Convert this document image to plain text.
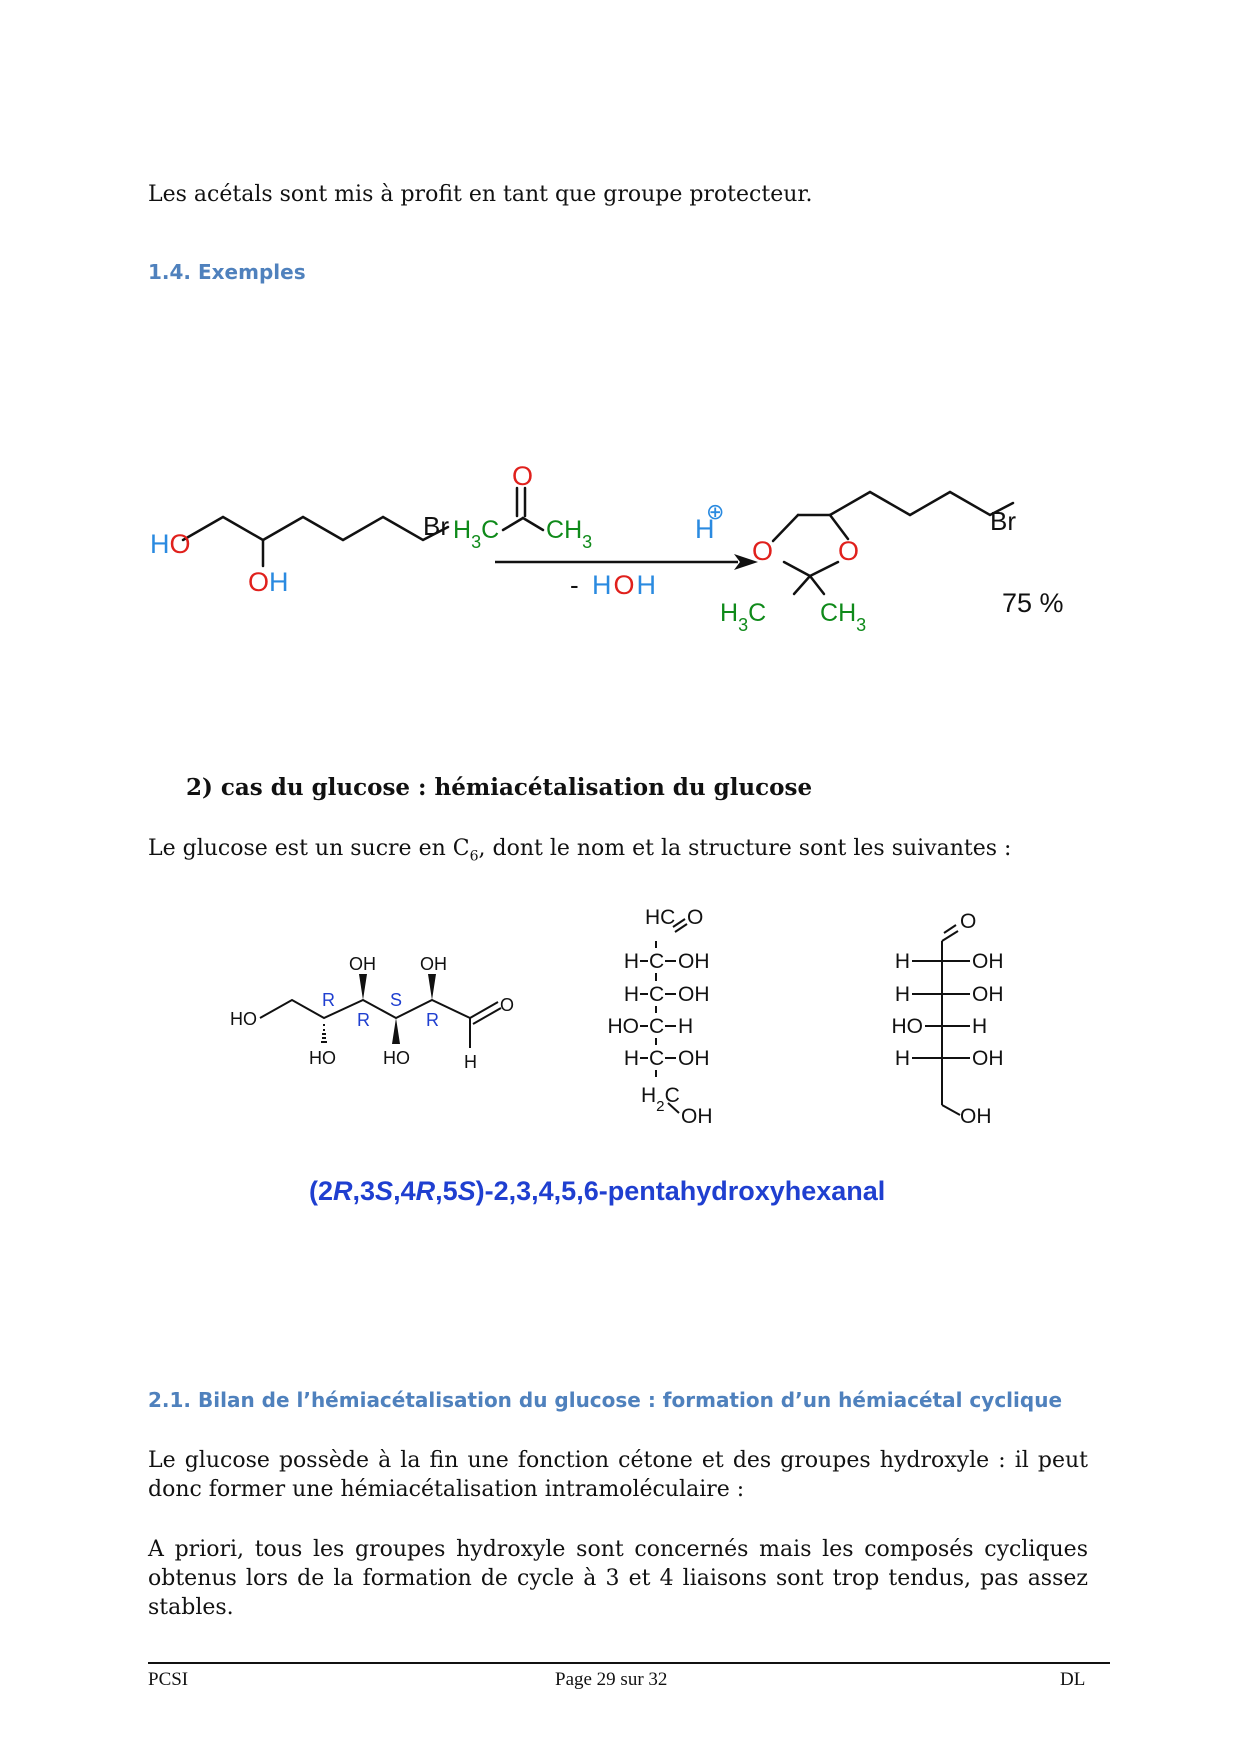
Les acétals sont mis à profit en tant que groupe protecteur.
1.4. Exemples
HO
OH
Br
O
$H_3C$ $CH_3$	H
⊕
- HOH
O O
Br
$H_3C$ $CH_3$
75 %
2) cas du glucose : hémiacétalisation du glucose
Le glucose est un sucre en $C_6$, dont le nom et la structure sont les suivantes :
HO
OH OH
HO	HO
O
H
R
R
S
R
O
HC
H C OH
H C OH
HO C H
H C OH
$H_2C$
OH
O
H	OH
H	OH
HO H
H	OH
OH
(2R,3S,4R,5S)-2,3,4,5,6-pentahydroxyhexanal
2.1. Bilan de l’hémiacétalisation du glucose : formation d’un hémiacétal cyclique
Le glucose possède à la fin une fonction cétone et des groupes hydroxyle : il peut donc former une hémiacétalisation intramoléculaire :
A priori, tous les groupes hydroxyle sont concernés mais les composés cycliques obtenus lors de la formation de cycle à 3 et 4 liaisons sont trop tendus, pas assez stables.
PCSI	Page 29 sur 32	DL
